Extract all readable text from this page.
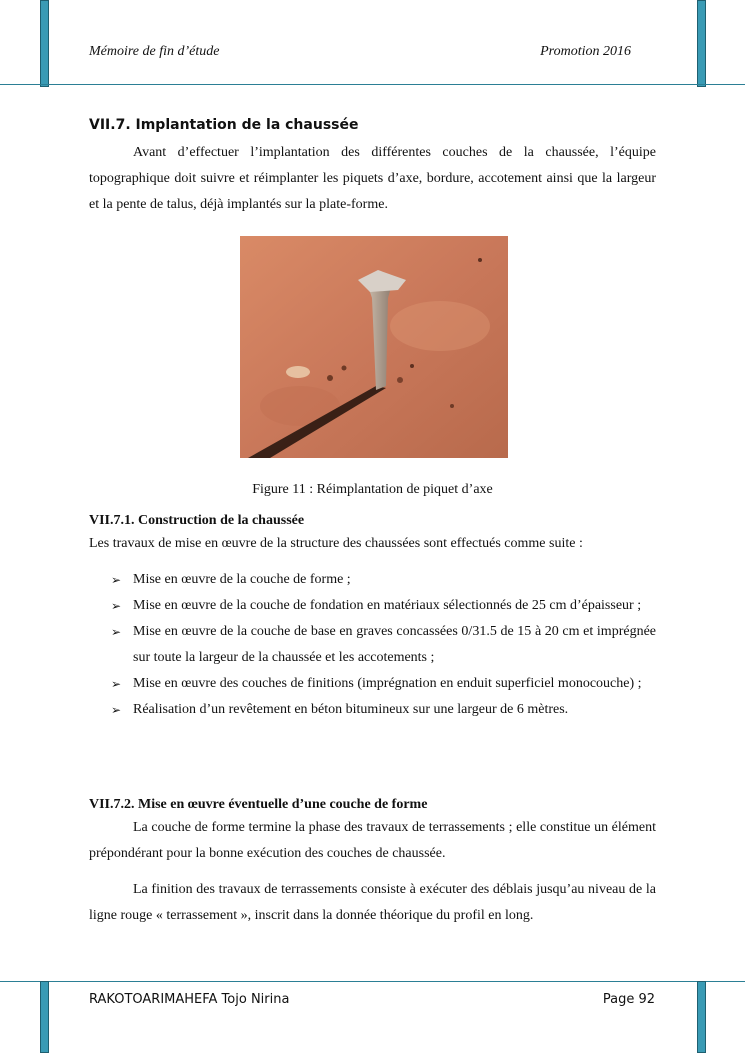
Mémoire de fin d’étude	Promotion 2016
VII.7. Implantation de la chaussée

Avant d’effectuer l’implantation des différentes couches de la chaussée, l’équipe topographique doit suivre et réimplanter les piquets d’axe, bordure, accotement ainsi que la largeur et la pente de talus, déjà implantés sur la plate-forme.

Figure 11 : Réimplantation de piquet d’axe
VII.7.1. Construction de la chaussée

Les travaux de mise en œuvre de la structure des chaussées sont effectués comme suite :

➢ Mise en œuvre de la couche de forme ;
➢ Mise en œuvre de la couche de fondation en matériaux sélectionnés de 25 cm d’épaisseur ;
➢ Mise en œuvre de la couche de base en graves concassées 0/31.5 de 15 à 20 cm et imprégnée sur toute la largeur de la chaussée et les accotements ;
➢ Mise en œuvre des couches de finitions (imprégnation en enduit superficiel monocouche) ;
➢ Réalisation d’un revêtement en béton bitumineux sur une largeur de 6 mètres.
VII.7.2. Mise en œuvre éventuelle d’une couche de forme

La couche de forme termine la phase des travaux de terrassements ; elle constitue un élément prépondérant pour la bonne exécution des couches de chaussée.

La finition des travaux de terrassements consiste à exécuter des déblais jusqu’au niveau de la ligne rouge « terrassement », inscrit dans la donnée théorique du profil en long.

RAKOTOARIMAHEFA Tojo Nirina	Page 92
